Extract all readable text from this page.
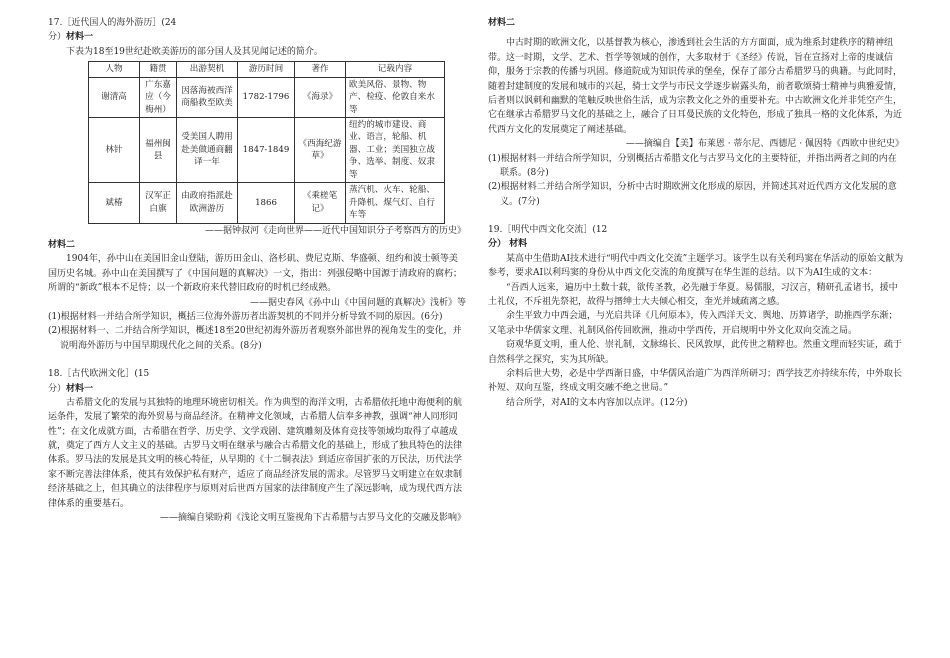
17.［近代国人的海外游历］(24

分）材料一

下表为18至19世纪赴欧美游历的部分国人及其见闻记述的简介。

人物	籍贯	出游契机	游历时间	著作	记载内容
谢清高	广东嘉应（今梅州）	因落海被西洋商船救至欧美	1782-1796	《海录》	欧美风俗、景物、物产、检疫、伦敦自来水等
林针	福州闽县	受美国人聘用赴美做通商翻译一年	1847-1849	《西海纪游草》	纽约的城市建设、商业、语言，轮船、机器、工业；美国独立战争、选举、制度、奴隶等
斌椿	汉军正白旗	由政府指派赴欧洲游历	1866	《乘槎笔记》	蒸汽机、火车、轮船、升降机、煤气灯、自行车等

——据钟叔河《走向世界——近代中国知识分子考察西方的历史》

材料二

1904年，孙中山在美国旧金山登陆，游历田金山、洛杉矶、费尼克斯、华盛顿、纽约和波士顿等美国历史名城。孙中山在美国撰写了《中国问题的真解决》一文，指出：列强侵略中国源于清政府的腐朽；所谓的“新政”根本不足恃；以一个新政府来代替旧政府的时机已经成熟。

——据史春风《孙中山《中国问题的真解决》浅析》等

(1)根据材料一并结合所学知识，概括三位海外游历者出游契机的不同并分析导致不同的原因。(6分)

(2)根据材料一、二并结合所学知识，概述18至20世纪初海外游历者观察外部世界的视角发生的变化，并说明海外游历与中国早期现代化之间的关系。(8分)

18.［古代欧洲文化］(15

分）材料一

古希腊文化的发展与其独特的地理环境密切相关。作为典型的海洋文明，古希腊依托地中海便利的航运条件，发展了繁荣的海外贸易与商品经济。在精神文化领域，古希腊人信奉多神教，强调“神人同形同性”；在文化成就方面，古希腊在哲学、历史学、文学戏剧、建筑雕刻及体育竞技等领域均取得了卓越成就，奠定了西方人文主义的基础。古罗马文明在继承与融合古希腊文化的基础上，形成了独具特色的法律体系。罗马法的发展是其文明的核心特征，从早期的《十二铜表法》到适应帝国扩张的万民法，历代法学家不断完善法律体系，使其有效保护私有财产，适应了商品经济发展的需求。尽管罗马文明建立在奴隶制经济基础之上，但其确立的法律程序与原则对后世西方国家的法律制度产生了深远影响，成为现代西方法律体系的重要基石。

——摘编自梁盼莉《浅论文明互鉴视角下古希腊与古罗马文化的交融及影响》

材料二

中古时期的欧洲文化，以基督教为核心，渗透到社会生活的方方面面，成为维系封建秩序的精神纽带。这一时期，文学、艺术、哲学等领域的创作，大多取材于《圣经》传说，旨在宣扬对上帝的虔诚信仰，服务于宗教的传播与巩固。修道院成为知识传承的堡垒，保存了部分古希腊罗马的典籍。与此同时，随着封建制度的发展和城市的兴起，骑士文学与市民文学逐步崭露头角，前者歌颂骑士精神与典雅爱情，后者则以讽刺和幽默的笔触反映世俗生活，成为宗教文化之外的重要补充。中古欧洲文化并非凭空产生，它在继承古希腊罗马文化的基础之上，融合了日耳曼民族的文化特色，形成了独具一格的文化体系，为近代西方文化的发展奠定了阐述基础。

——摘编自【美】布莱恩 · 蒂尔尼、西德尼 · 佩因特《西欧中世纪史》

(1)根据材料一并结合所学知识，分别概括古希腊文化与古罗马文化的主要特征，并指出两者之间的内在联系。(8分)

(2)根据材料二并结合所学知识，分析中古时期欧洲文化形成的原因，并简述其对近代西方文化发展的意义。(7分)

19.［明代中西文化交流］(12

分） 材料

某高中生借助AI技术进行“明代中西文化交流”主题学习。该学生以有关利玛窦在华活动的原始文献为参考，要求AI以利玛窦的身份从中西文化交流的角度撰写在华生涯的总结。以下为AI生成的文本：

“吾西人远来，遍历中土数十载，欲传圣教，必先融于华夏。易儒服，习汉言，精研孔孟诸书，援中土礼仪，不斥祖先祭祀，故得与搢绅士大夫倾心相交，奎光并域疏离之感。

余生平致力中西会通，与光启共译《几何原本》，传入西洋天文、舆地、历算诸学，助推西学东渐；又笔录中华儒家文理、礼制风俗传回欧洲，推动中学西传，开启规明中外文化双向交流之局。

窃观华夏文明，重人伦、崇礼制，文脉绵长、民风敦厚，此传世之精粹也。然重文理而轻实证，疏于自然科学之探究，实为其所缺。

余料后世大势，必是中学西渐日盛，中华儒风治道广为西洋所研习；西学技艺亦持续东传，中外取长补短、双向互鉴，终成文明交融不绝之世局。”

结合所学，对AI的文本内容加以点评。(12分)
